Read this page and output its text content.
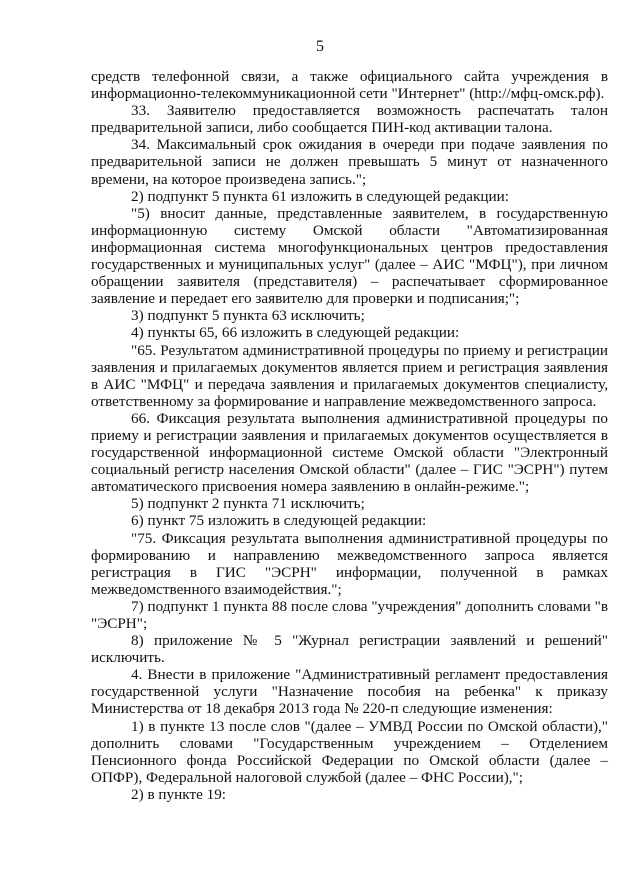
5

средств телефонной связи, а также официального сайта учреждения в информационно-телекоммуникационной сети "Интернет" (http://мфц-омск.рф).

33. Заявителю предоставляется возможность распечатать талон предварительной записи, либо сообщается ПИН-код активации талона.

34. Максимальный срок ожидания в очереди при подаче заявления по предварительной записи не должен превышать 5 минут от назначенного времени, на которое произведена запись.";

2) подпункт 5 пункта 61 изложить в следующей редакции:

"5) вносит данные, представленные заявителем, в государственную информационную систему Омской области "Автоматизированная информационная система многофункциональных центров предоставления государственных и муниципальных услуг" (далее – АИС "МФЦ"), при личном обращении заявителя (представителя) – распечатывает сформированное заявление и передает его заявителю для проверки и подписания;";

3) подпункт 5 пункта 63 исключить;

4) пункты 65, 66 изложить в следующей редакции:

"65. Результатом административной процедуры по приему и регистрации заявления и прилагаемых документов является прием и регистрация заявления в АИС "МФЦ" и передача заявления и прилагаемых документов специалисту, ответственному за формирование и направление межведомственного запроса.

66. Фиксация результата выполнения административной процедуры по приему и регистрации заявления и прилагаемых документов осуществляется в государственной информационной системе Омской области "Электронный социальный регистр населения Омской области" (далее – ГИС "ЭСРН") путем автоматического присвоения номера заявлению в онлайн-режиме.";

5) подпункт 2 пункта 71 исключить;

6) пункт 75 изложить в следующей редакции:

"75. Фиксация результата выполнения административной процедуры по формированию и направлению межведомственного запроса является регистрация в ГИС "ЭСРН" информации, полученной в рамках межведомственного взаимодействия.";

7) подпункт 1 пункта 88 после слова "учреждения" дополнить словами "в "ЭСРН";

8) приложение № 5 "Журнал регистрации заявлений и решений" исключить.

4. Внести в приложение "Административный регламент предоставления государственной услуги "Назначение пособия на ребенка" к приказу Министерства от 18 декабря 2013 года № 220-п следующие изменения:

1) в пункте 13 после слов "(далее – УМВД России по Омской области)," дополнить словами "Государственным учреждением – Отделением Пенсионного фонда Российской Федерации по Омской области (далее – ОПФР), Федеральной налоговой службой (далее – ФНС России),";

2) в пункте 19:
